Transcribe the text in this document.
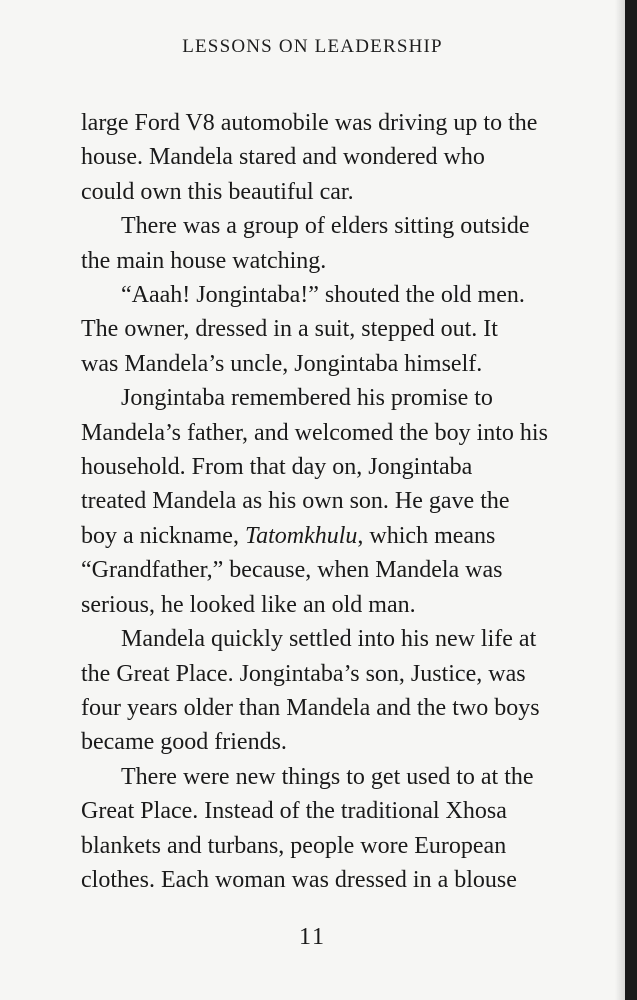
LESSONS ON LEADERSHIP

large Ford V8 automobile was driving up to the
house. Mandela stared and wondered who
could own this beautiful car.

There was a group of elders sitting outside
the main house watching.

“Aaah! Jongintaba!” shouted the old men.
The owner, dressed in a suit, stepped out. It
was Mandela’s uncle, Jongintaba himself.

Jongintaba remembered his promise to
Mandela’s father, and welcomed the boy into his
household. From that day on, Jongintaba
treated Mandela as his own son. He gave the
boy a nickname, Tatomkhulu, which means
“Grandfather,” because, when Mandela was
serious, he looked like an old man.

Mandela quickly settled into his new life at
the Great Place. Jongintaba’s son, Justice, was
four years older than Mandela and the two boys
became good friends.

There were new things to get used to at the
Great Place. Instead of the traditional Xhosa
blankets and turbans, people wore European
clothes. Each woman was dressed in a blouse

11
